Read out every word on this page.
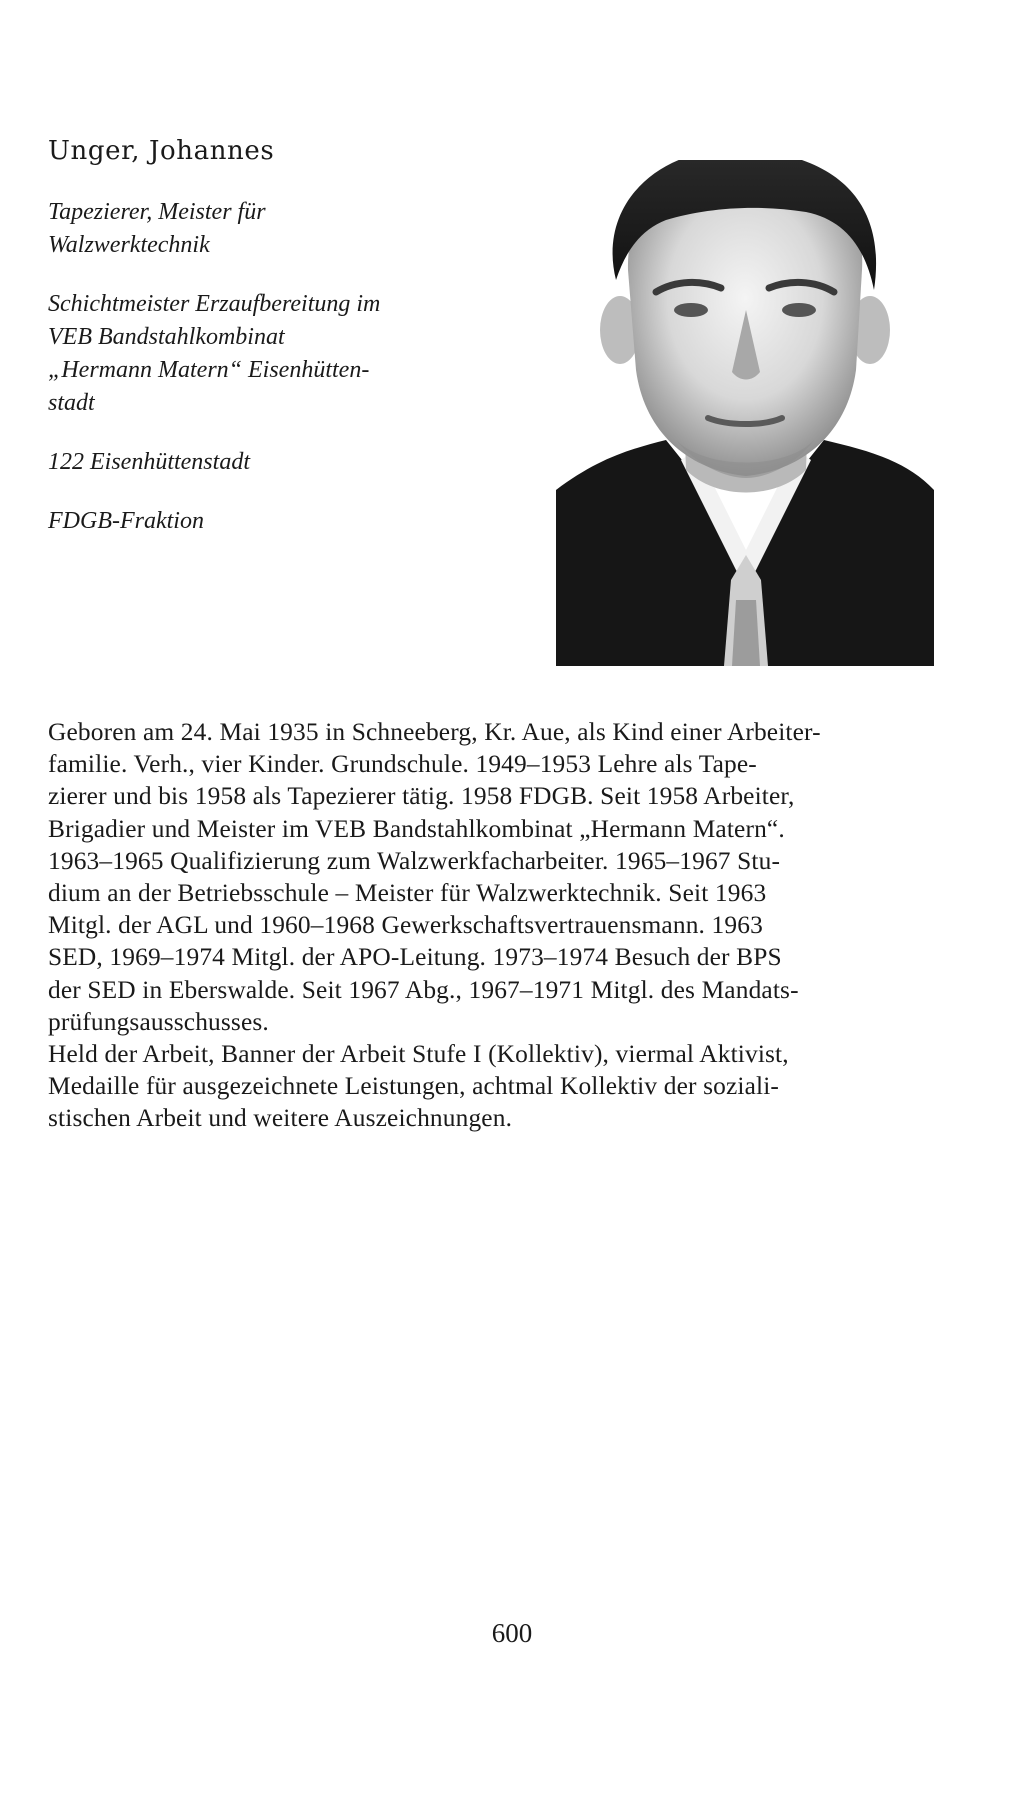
Unger, Johannes

Tapezierer, Meister für
Walzwerktechnik

Schichtmeister Erzaufbereitung im
VEB Bandstahlkombinat
„Hermann Matern“ Eisenhütten-
stadt

122 Eisenhüttenstadt

FDGB-Fraktion

Geboren am 24. Mai 1935 in Schneeberg, Kr. Aue, als Kind einer Arbeiter-
familie. Verh., vier Kinder. Grundschule. 1949–1953 Lehre als Tape-
zierer und bis 1958 als Tapezierer tätig. 1958 FDGB. Seit 1958 Arbeiter,
Brigadier und Meister im VEB Bandstahlkombinat „Hermann Matern“.
1963–1965 Qualifizierung zum Walzwerkfacharbeiter. 1965–1967 Stu-
dium an der Betriebsschule – Meister für Walzwerktechnik. Seit 1963
Mitgl. der AGL und 1960–1968 Gewerkschaftsvertrauensmann. 1963
SED, 1969–1974 Mitgl. der APO-Leitung. 1973–1974 Besuch der BPS
der SED in Eberswalde. Seit 1967 Abg., 1967–1971 Mitgl. des Mandats-
prüfungsausschusses.

Held der Arbeit, Banner der Arbeit Stufe I (Kollektiv), viermal Aktivist,
Medaille für ausgezeichnete Leistungen, achtmal Kollektiv der soziali-
stischen Arbeit und weitere Auszeichnungen.

600
